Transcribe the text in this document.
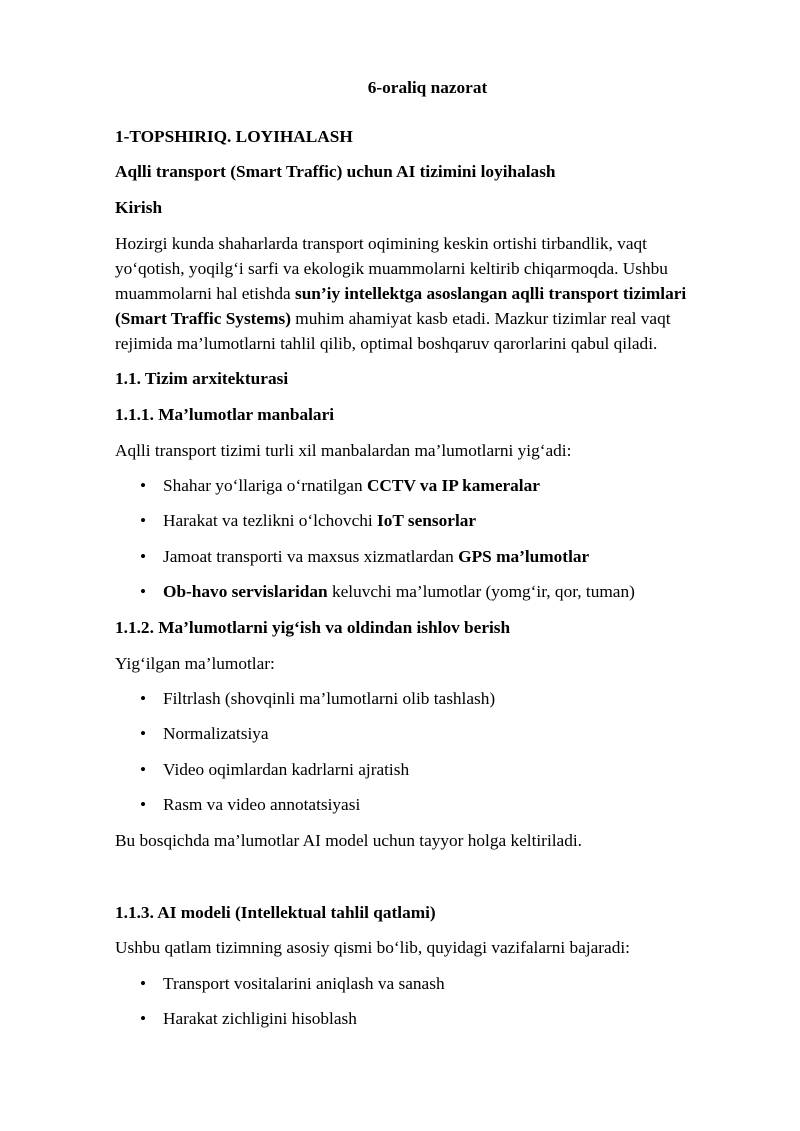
6-oraliq nazorat

1-TOPSHIRIQ. LOYIHALASH

Aqlli transport (Smart Traffic) uchun AI tizimini loyihalash

Kirish

Hozirgi kunda shaharlarda transport oqimining keskin ortishi tirbandlik, vaqt

yo‘qotish, yoqilg‘i sarfi va ekologik muammolarni keltirib chiqarmoqda. Ushbu

muammolarni hal etishda sun’iy intellektga asoslangan aqlli transport tizimlari

(Smart Traffic Systems) muhim ahamiyat kasb etadi. Mazkur tizimlar real vaqt

rejimida ma’lumotlarni tahlil qilib, optimal boshqaruv qarorlarini qabul qiladi.

1.1. Tizim arxitekturasi

1.1.1. Ma’lumotlar manbalari

Aqlli transport tizimi turli xil manbalardan ma’lumotlarni yig‘adi:

• Shahar yo‘llariga o‘rnatilgan CCTV va IP kameralar
• Harakat va tezlikni o‘lchovchi IoT sensorlar
• Jamoat transporti va maxsus xizmatlardan GPS ma’lumotlar
• Ob-havo servislaridan keluvchi ma’lumotlar (yomg‘ir, qor, tuman)

1.1.2. Ma’lumotlarni yig‘ish va oldindan ishlov berish

Yig‘ilgan ma’lumotlar:

• Filtrlash (shovqinli ma’lumotlarni olib tashlash)
• Normalizatsiya
• Video oqimlardan kadrlarni ajratish
• Rasm va video annotatsiyasi

Bu bosqichda ma’lumotlar AI model uchun tayyor holga keltiriladi.

1.1.3. AI modeli (Intellektual tahlil qatlami)

Ushbu qatlam tizimning asosiy qismi bo‘lib, quyidagi vazifalarni bajaradi:

• Transport vositalarini aniqlash va sanash
• Harakat zichligini hisoblash
